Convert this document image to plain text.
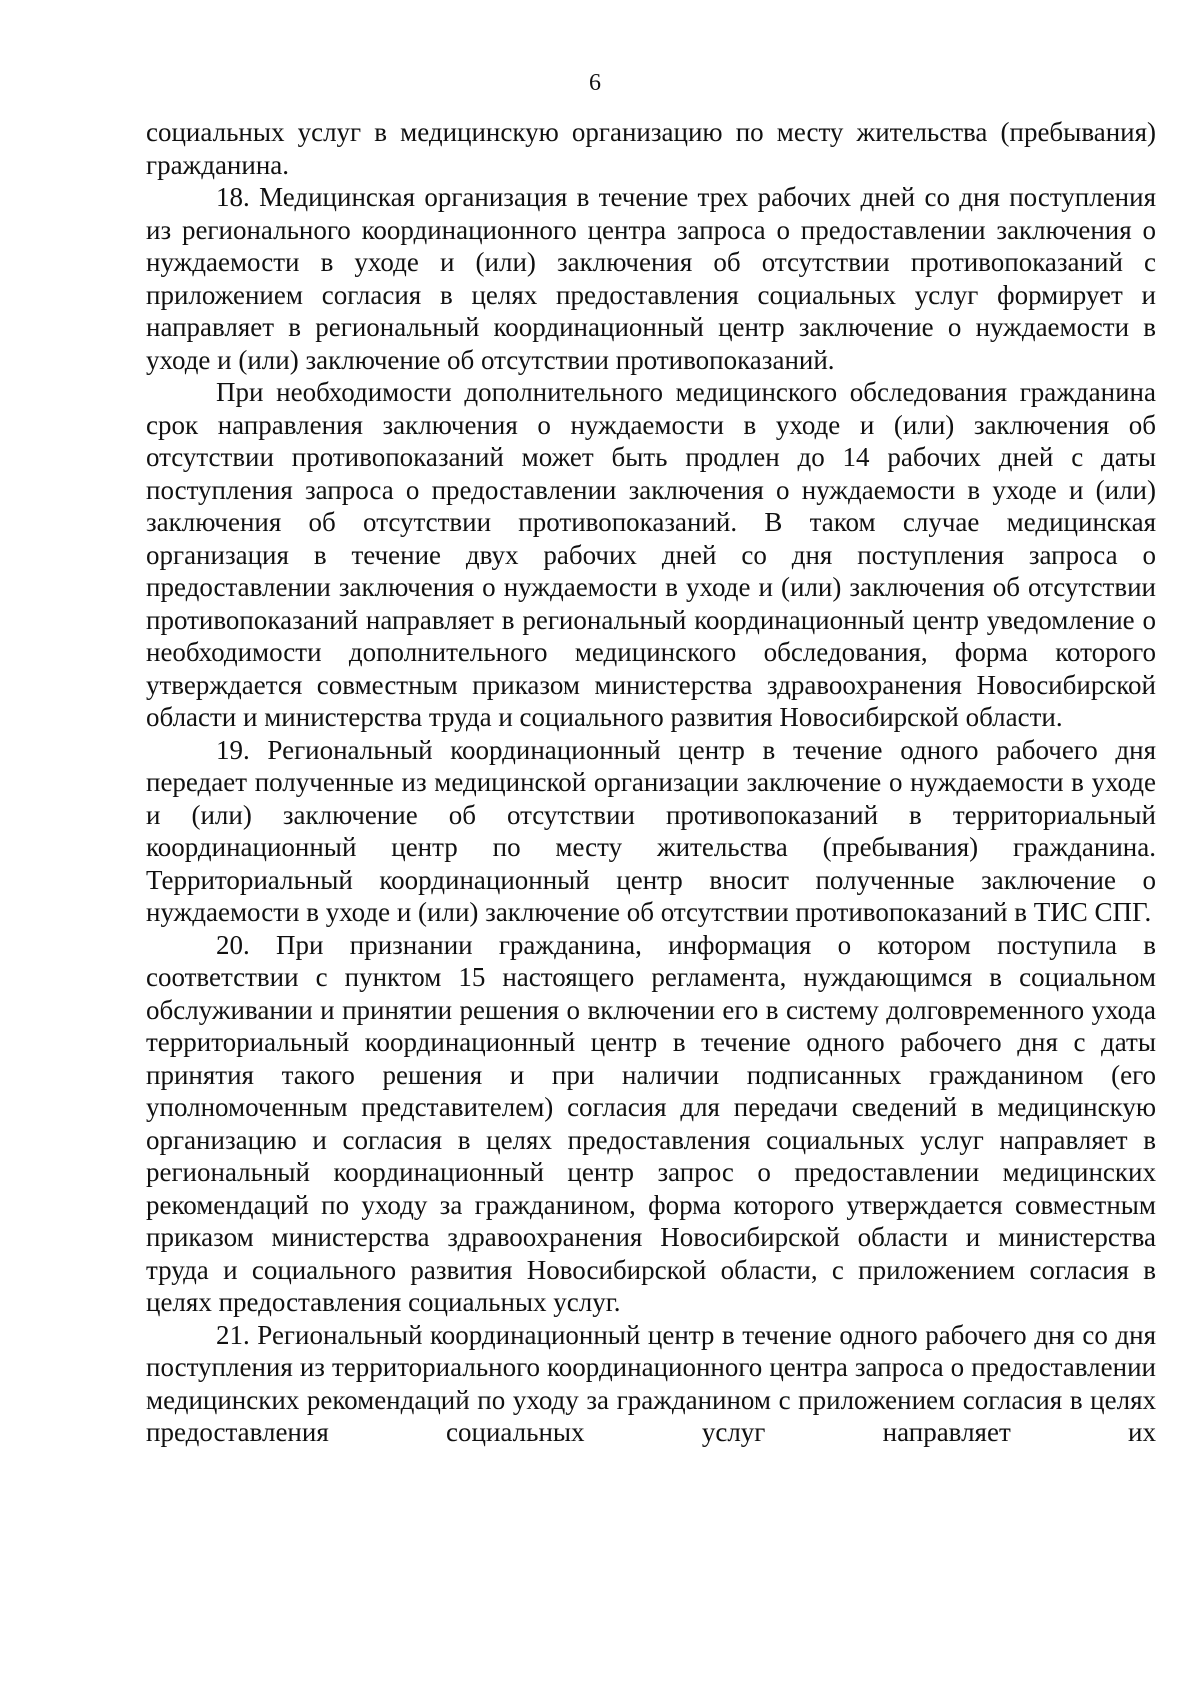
6

социальных услуг в медицинскую организацию по месту жительства (пребывания) гражданина.

18. Медицинская организация в течение трех рабочих дней со дня поступления из регионального координационного центра запроса о предоставлении заключения о нуждаемости в уходе и (или) заключения об отсутствии противопоказаний с приложением согласия в целях предоставления социальных услуг формирует и направляет в региональный координационный центр заключение о нуждаемости в уходе и (или) заключение об отсутствии противопоказаний.

При необходимости дополнительного медицинского обследования гражданина срок направления заключения о нуждаемости в уходе и (или) заключения об отсутствии противопоказаний может быть продлен до 14 рабочих дней с даты поступления запроса о предоставлении заключения о нуждаемости в уходе и (или) заключения об отсутствии противопоказаний. В таком случае медицинская организация в течение двух рабочих дней со дня поступления запроса о предоставлении заключения о нуждаемости в уходе и (или) заключения об отсутствии противопоказаний направляет в региональный координационный центр уведомление о необходимости дополнительного медицинского обследования, форма которого утверждается совместным приказом министерства здравоохранения Новосибирской области и министерства труда и социального развития Новосибирской области.

19. Региональный координационный центр в течение одного рабочего дня передает полученные из медицинской организации заключение о нуждаемости в уходе и (или) заключение об отсутствии противопоказаний в территориальный координационный центр по месту жительства (пребывания) гражданина. Территориальный координационный центр вносит полученные заключение о нуждаемости в уходе и (или) заключение об отсутствии противопоказаний в ТИС СПГ.

20. При признании гражданина, информация о котором поступила в соответствии с пунктом 15 настоящего регламента, нуждающимся в социальном обслуживании и принятии решения о включении его в систему долговременного ухода территориальный координационный центр в течение одного рабочего дня с даты принятия такого решения и при наличии подписанных гражданином (его уполномоченным представителем) согласия для передачи сведений в медицинскую организацию и согласия в целях предоставления социальных услуг направляет в региональный координационный центр запрос о предоставлении медицинских рекомендаций по уходу за гражданином, форма которого утверждается совместным приказом министерства здравоохранения Новосибирской области и министерства труда и социального развития Новосибирской области, с приложением согласия в целях предоставления социальных услуг.

21. Региональный координационный центр в течение одного рабочего дня со дня поступления из территориального координационного центра запроса о предоставлении медицинских рекомендаций по уходу за гражданином с приложением согласия в целях предоставления социальных услуг направляет их
